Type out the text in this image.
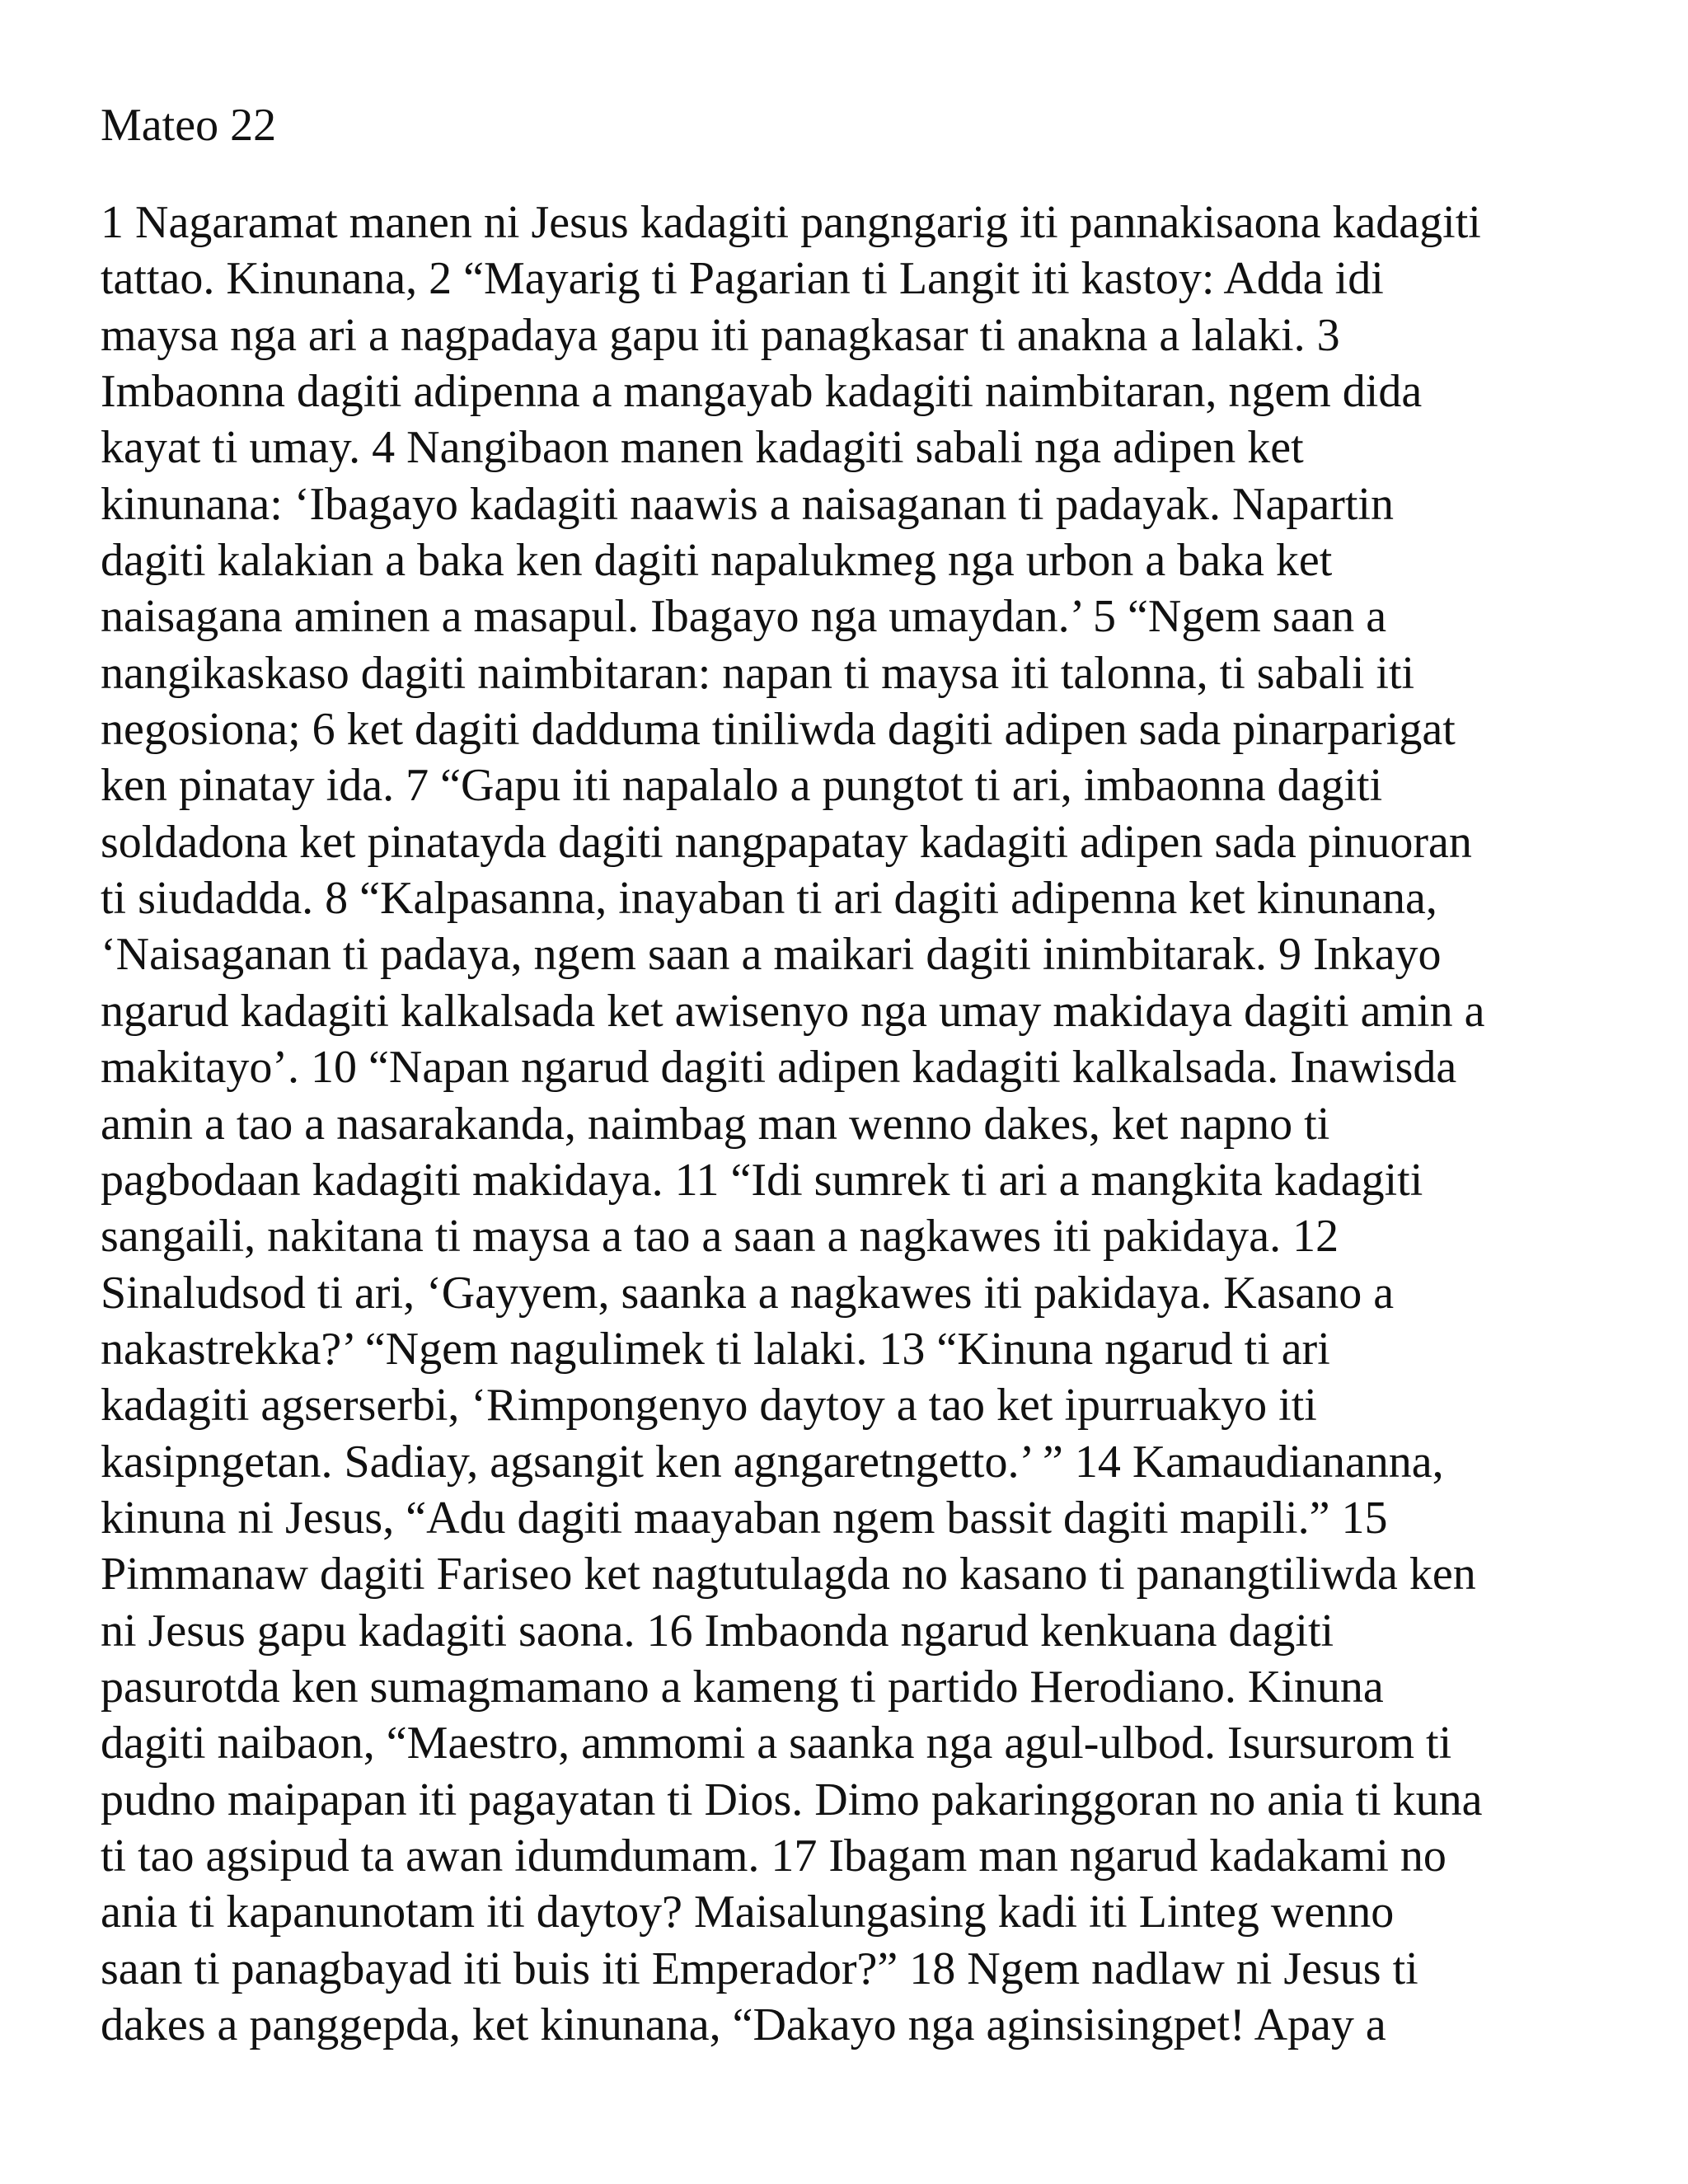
Mateo 22
1 Nagaramat manen ni Jesus kadagiti pangngarig iti pannakisaona kadagiti
tattao. Kinunana, 2 “Mayarig ti Pagarian ti Langit iti kastoy: Adda idi
maysa nga ari a nagpadaya gapu iti panagkasar ti anakna a lalaki. 3
Imbaonna dagiti adipenna a mangayab kadagiti naimbitaran, ngem dida
kayat ti umay. 4 Nangibaon manen kadagiti sabali nga adipen ket
kinunana: ‘Ibagayo kadagiti naawis a naisaganan ti padayak. Napartin
dagiti kalakian a baka ken dagiti napalukmeg nga urbon a baka ket
naisagana aminen a masapul. Ibagayo nga umaydan.’ 5 “Ngem saan a
nangikaskaso dagiti naimbitaran: napan ti maysa iti talonna, ti sabali iti
negosiona; 6 ket dagiti dadduma tiniliwda dagiti adipen sada pinarparigat
ken pinatay ida. 7 “Gapu iti napalalo a pungtot ti ari, imbaonna dagiti
soldadona ket pinatayda dagiti nangpapatay kadagiti adipen sada pinuoran
ti siudadda. 8 “Kalpasanna, inayaban ti ari dagiti adipenna ket kinunana,
‘Naisaganan ti padaya, ngem saan a maikari dagiti inimbitarak. 9 Inkayo
ngarud kadagiti kalkalsada ket awisenyo nga umay makidaya dagiti amin a
makitayo’. 10 “Napan ngarud dagiti adipen kadagiti kalkalsada. Inawisda
amin a tao a nasarakanda, naimbag man wenno dakes, ket napno ti
pagbodaan kadagiti makidaya. 11 “Idi sumrek ti ari a mangkita kadagiti
sangaili, nakitana ti maysa a tao a saan a nagkawes iti pakidaya. 12
Sinaludsod ti ari, ‘Gayyem, saanka a nagkawes iti pakidaya. Kasano a
nakastrekka?’ “Ngem nagulimek ti lalaki. 13 “Kinuna ngarud ti ari
kadagiti agserserbi, ‘Rimpongenyo daytoy a tao ket ipurruakyo iti
kasipngetan. Sadiay, agsangit ken agngaretngetto.’ ” 14 Kamaudiananna,
kinuna ni Jesus, “Adu dagiti maayaban ngem bassit dagiti mapili.” 15
Pimmanaw dagiti Fariseo ket nagtutulagda no kasano ti panangtiliwda ken
ni Jesus gapu kadagiti saona. 16 Imbaonda ngarud kenkuana dagiti
pasurotda ken sumagmamano a kameng ti partido Herodiano. Kinuna
dagiti naibaon, “Maestro, ammomi a saanka nga agul-ulbod. Isursurom ti
pudno maipapan iti pagayatan ti Dios. Dimo pakaringgoran no ania ti kuna
ti tao agsipud ta awan idumdumam. 17 Ibagam man ngarud kadakami no
ania ti kapanunotam iti daytoy? Maisalungasing kadi iti Linteg wenno
saan ti panagbayad iti buis iti Emperador?” 18 Ngem nadlaw ni Jesus ti
dakes a panggepda, ket kinunana, “Dakayo nga aginsisingpet! Apay a
